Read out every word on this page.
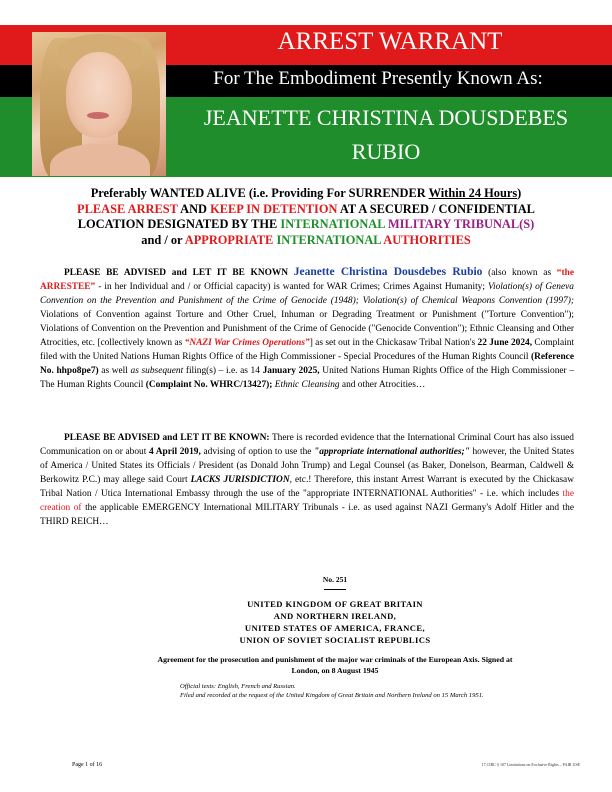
ARREST WARRANT
For The Embodiment Presently Known As:
JEANETTE CHRISTINA DOUSDEBES
RUBIO
Preferably WANTED ALIVE (i.e. Providing For SURRENDER Within 24 Hours)
PLEASE ARREST AND KEEP IN DETENTION AT A SECURED / CONFIDENTIAL
LOCATION DESIGNATED BY THE INTERNATIONAL MILITARY TRIBUNAL(S)
and / or APPROPRIATE INTERNATIONAL AUTHORITIES
PLEASE BE ADVISED and LET IT BE KNOWN Jeanette Christina Dousdebes Rubio (also known as “the ARRESTEE” - in her Individual and / or Official capacity) is wanted for WAR Crimes; Crimes Against Humanity; Violation(s) of Geneva Convention on the Prevention and Punishment of the Crime of Genocide (1948); Violation(s) of Chemical Weapons Convention (1997); Violations of Convention against Torture and Other Cruel, Inhuman or Degrading Treatment or Punishment ("Torture Convention"); Violations of Convention on the Prevention and Punishment of the Crime of Genocide ("Genocide Convention"); Ethnic Cleansing and Other Atrocities, etc. [collectively known as “NAZI War Crimes Operations”] as set out in the Chickasaw Tribal Nation's 22 June 2024, Complaint filed with the United Nations Human Rights Office of the High Commissioner - Special Procedures of the Human Rights Council (Reference No. hhpo8pe7) as well as subsequent filing(s) – i.e. as 14 January 2025, United Nations Human Rights Office of the High Commissioner – The Human Rights Council (Complaint No. WHRC/13427); Ethnic Cleansing and other Atrocities…
PLEASE BE ADVISED and LET IT BE KNOWN: There is recorded evidence that the International Criminal Court has also issued Communication on or about 4 April 2019, advising of option to use the "appropriate international authorities;" however, the United States of America / United States its Officials / President (as Donald John Trump) and Legal Counsel (as Baker, Donelson, Bearman, Caldwell & Berkowitz P.C.) may allege said Court LACKS JURISDICTION, etc.! Therefore, this instant Arrest Warrant is executed by the Chickasaw Tribal Nation / Utica International Embassy through the use of the "appropriate INTERNATIONAL Authorities" - i.e. which includes the creation of the applicable EMERGENCY International MILITARY Tribunals - i.e. as used against NAZI Germany's Adolf Hitler and the THIRD REICH…
No. 251
UNITED KINGDOM OF GREAT BRITAIN
AND NORTHERN IRELAND,
UNITED STATES OF AMERICA, FRANCE,
UNION OF SOVIET SOCIALIST REPUBLICS
Agreement for the prosecution and punishment of the major war criminals of the European Axis. Signed at London, on 8 August 1945
Official texts: English, French and Russian.
Filed and recorded at the request of the United Kingdom of Great Britain and Northern Ireland on 15 March 1951.
Page 1 of 16	17 CIRC § 107 Limitations on Exclusive Rights – FAIR USE
